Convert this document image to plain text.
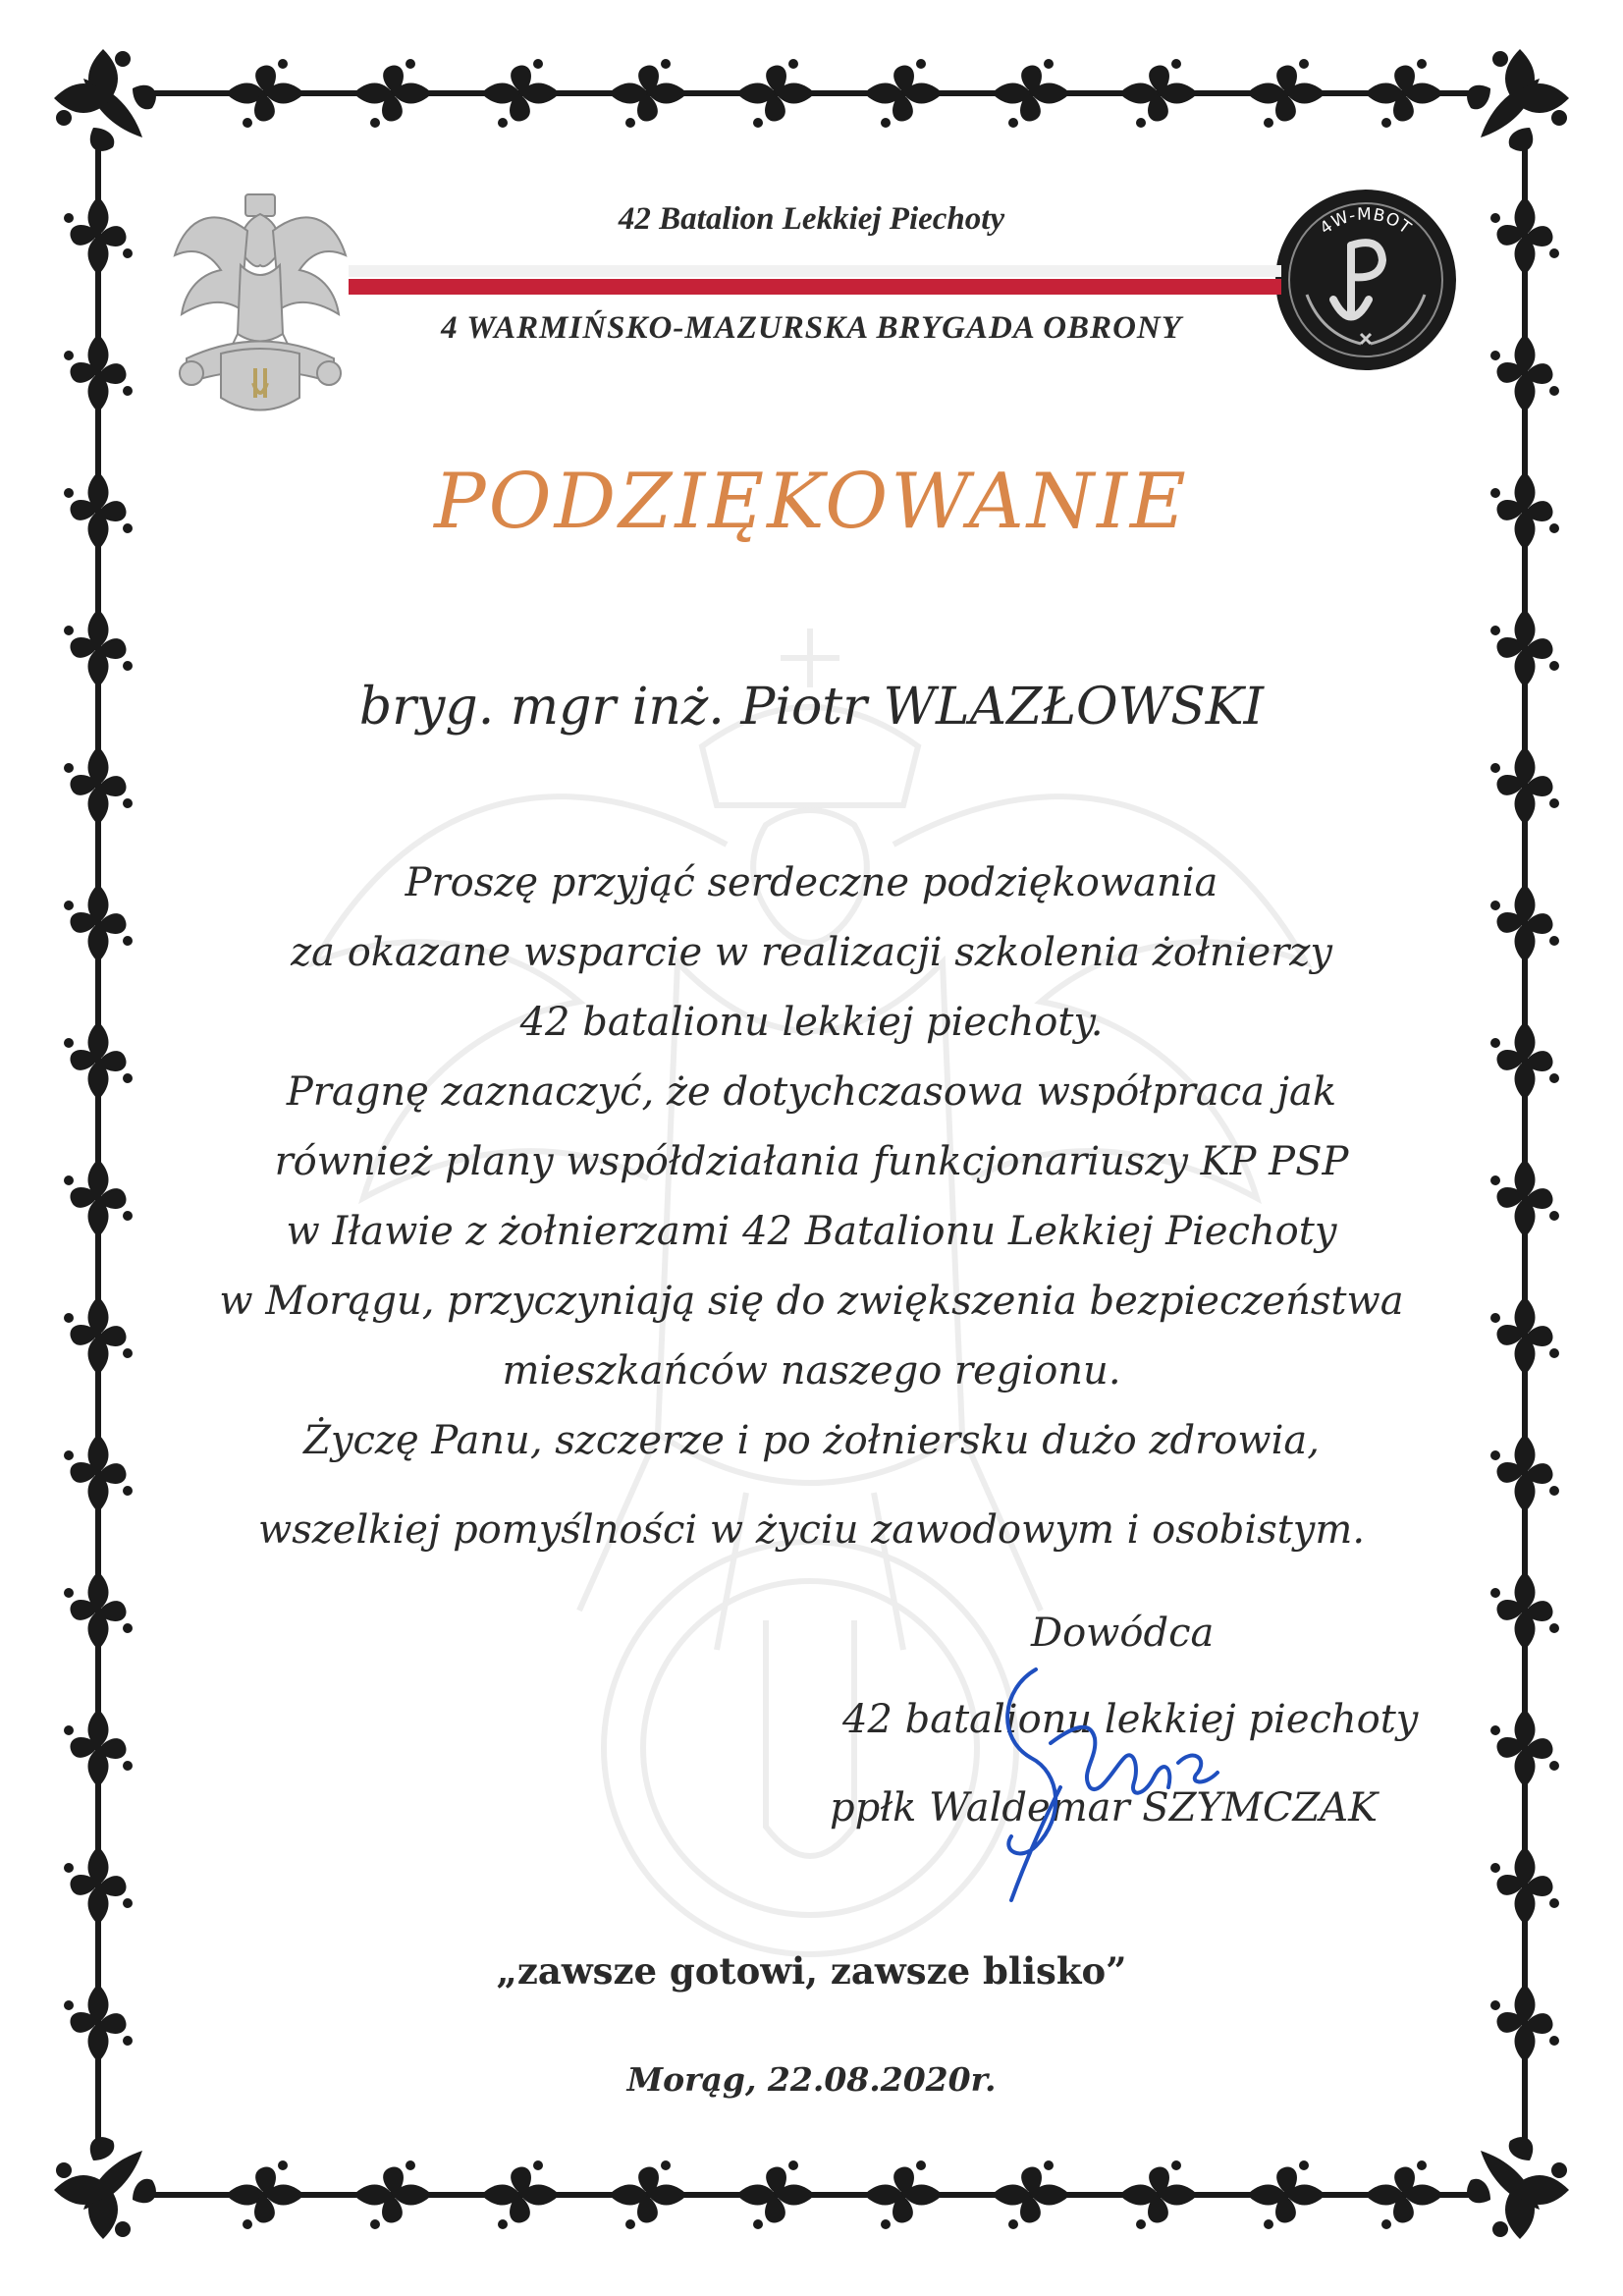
4W-MBOT
42 Batalion Lekkiej Piechoty
4 WARMIŃSKO-MAZURSKA BRYGADA OBRONY
PODZIĘKOWANIE
bryg. mgr inż. Piotr WLAZŁOWSKI
Proszę przyjąć serdeczne podziękowania
za okazane wsparcie w realizacji szkolenia żołnierzy
42 batalionu lekkiej piechoty.
Pragnę zaznaczyć, że dotychczasowa współpraca jak
również plany współdziałania funkcjonariuszy KP PSP
w Iławie z żołnierzami 42 Batalionu Lekkiej Piechoty
w Morągu, przyczyniają się do zwiększenia bezpieczeństwa
mieszkańców naszego regionu.
Życzę Panu, szczerze i po żołniersku dużo zdrowia,
wszelkiej pomyślności w życiu zawodowym i osobistym.
Dowódca
42 batalionu lekkiej piechoty
ppłk Waldemar SZYMCZAK
„zawsze gotowi, zawsze blisko”
Morąg, 22.08.2020r.
